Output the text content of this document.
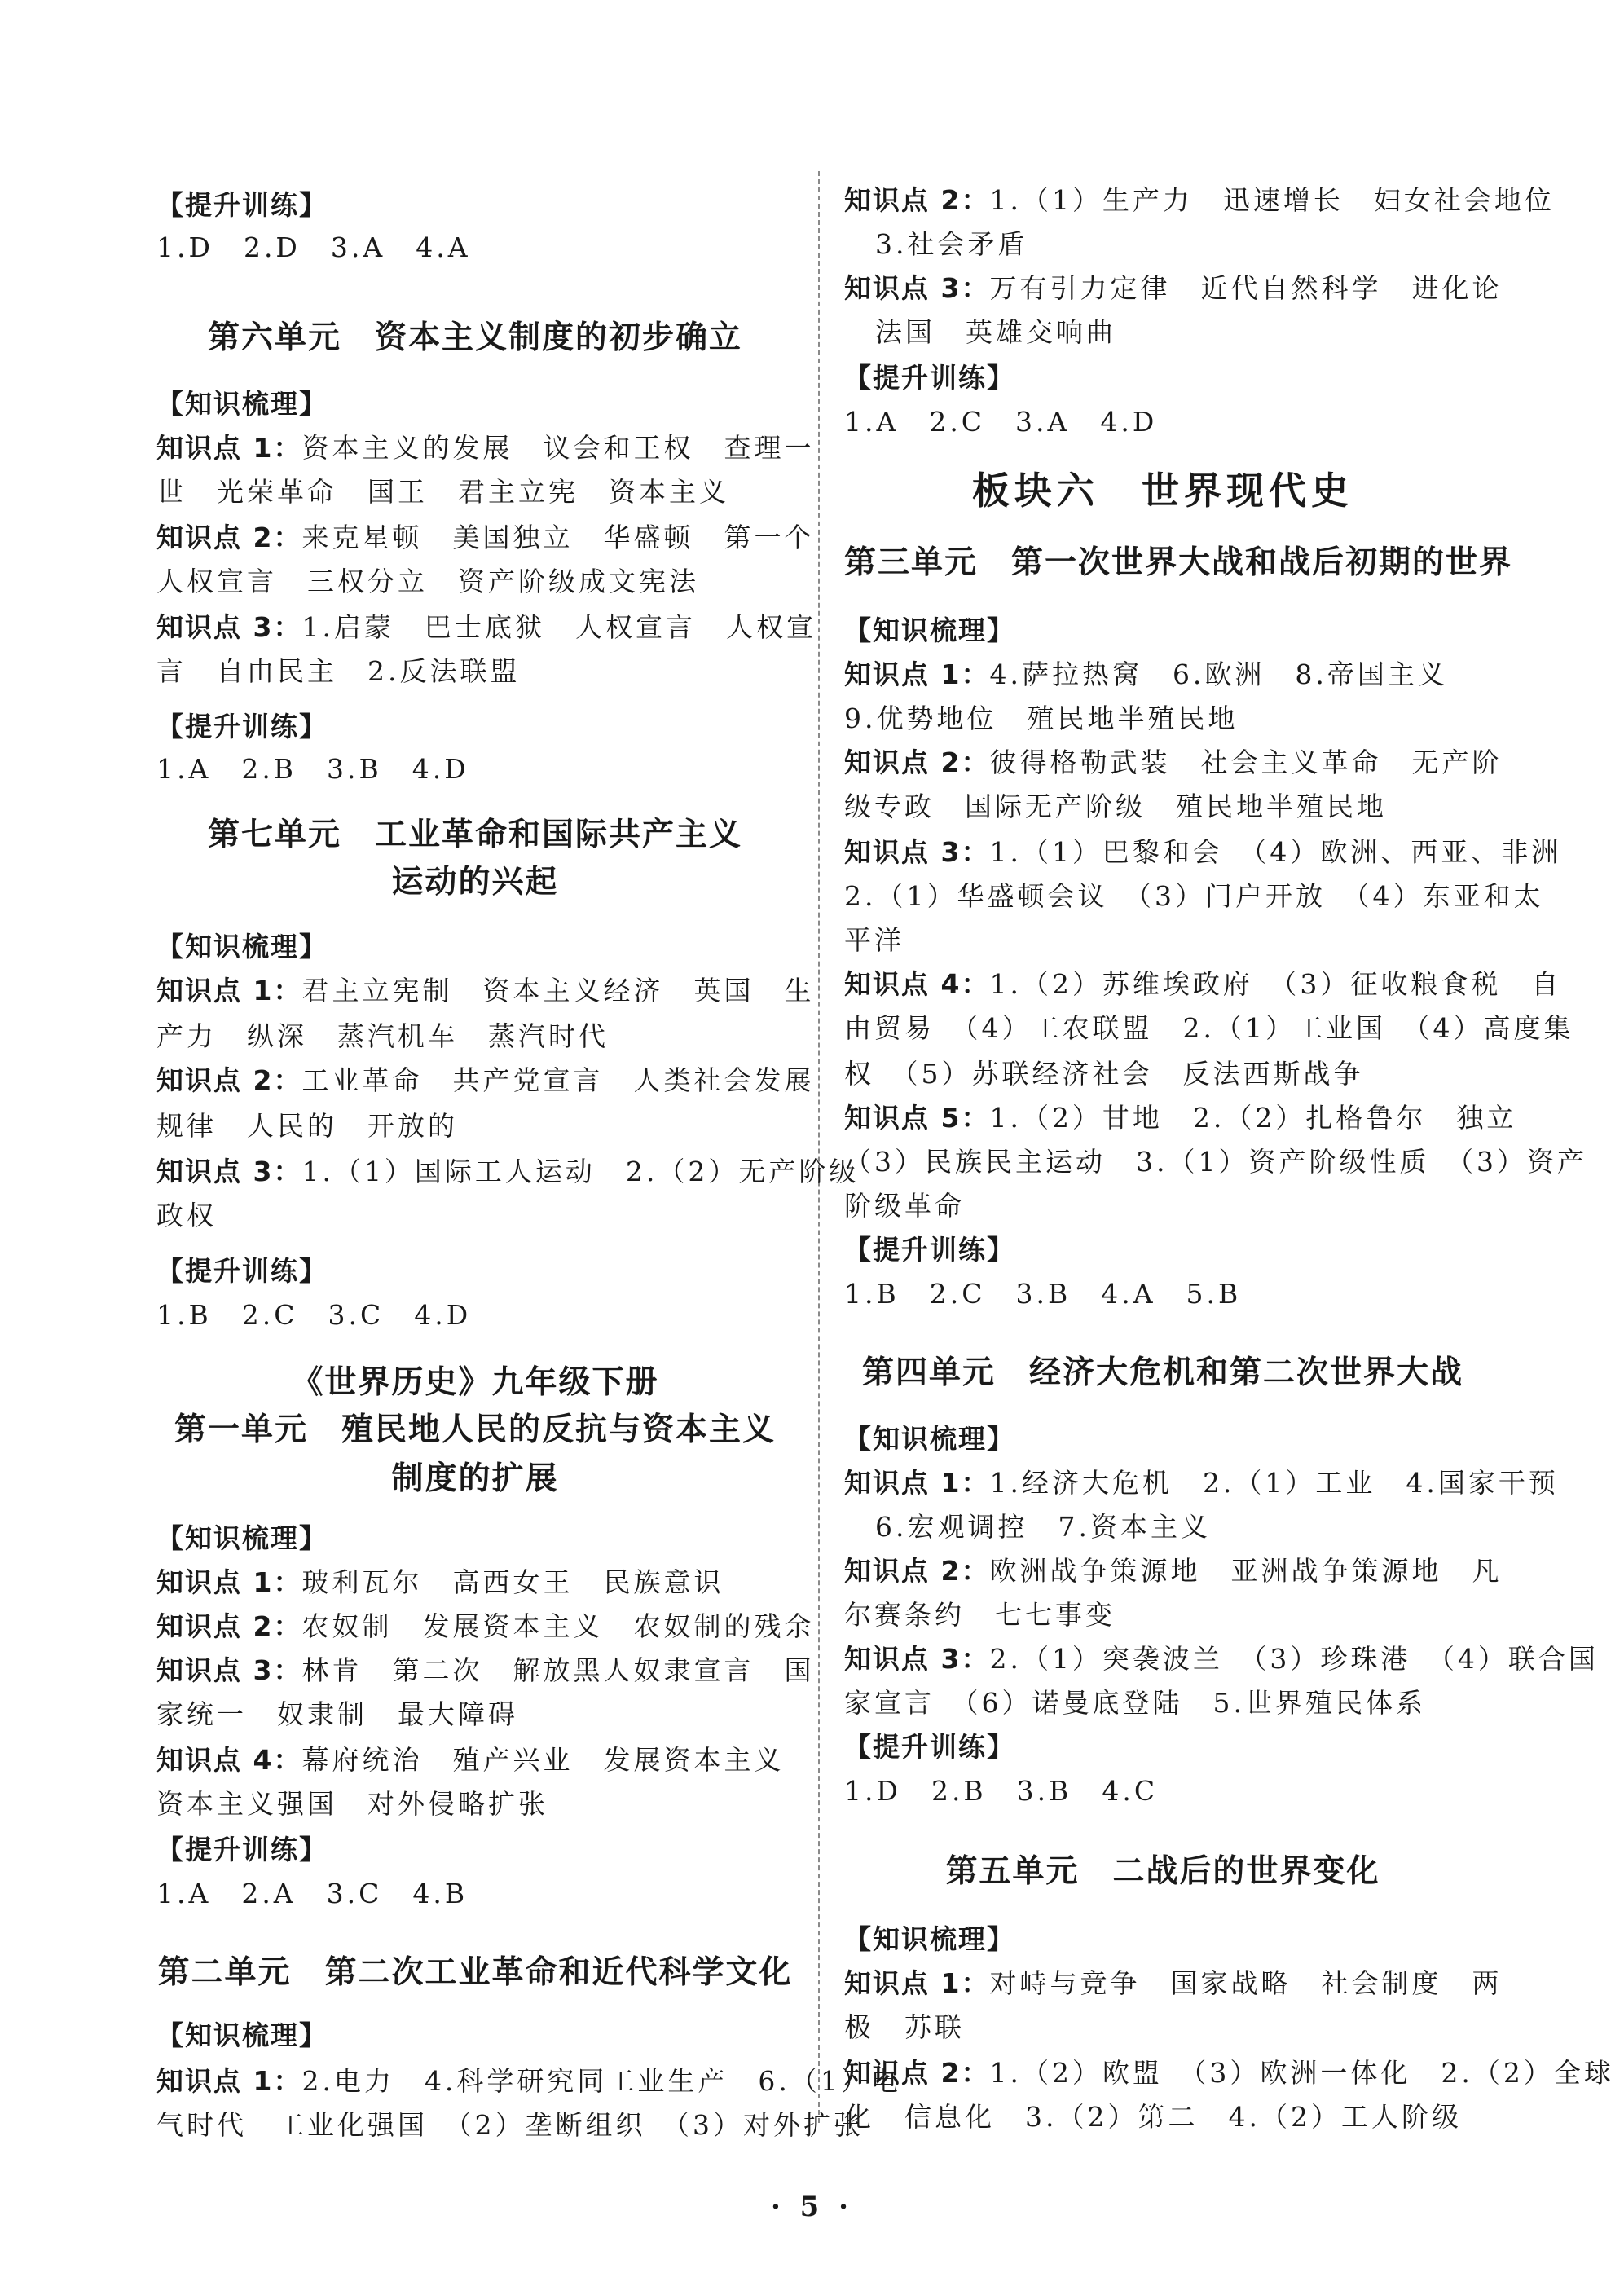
【提升训练】
1.D　2.D　3.A　4.A
第六单元　资本主义制度的初步确立
【知识梳理】
知识点 1：资本主义的发展　议会和王权　查理一
世　光荣革命　国王　君主立宪　资本主义
知识点 2：来克星顿　美国独立　华盛顿　第一个
人权宣言　三权分立　资产阶级成文宪法
知识点 3：1.启蒙　巴士底狱　人权宣言　人权宣
言　自由民主　2.反法联盟
【提升训练】
1.A　2.B　3.B　4.D
第七单元　工业革命和国际共产主义
运动的兴起
【知识梳理】
知识点 1：君主立宪制　资本主义经济　英国　生
产力　纵深　蒸汽机车　蒸汽时代
知识点 2：工业革命　共产党宣言　人类社会发展
规律　人民的　开放的
知识点 3：1.（1）国际工人运动　2.（2）无产阶级
政权
【提升训练】
1.B　2.C　3.C　4.D
《世界历史》九年级下册
第一单元　殖民地人民的反抗与资本主义
制度的扩展
【知识梳理】
知识点 1：玻利瓦尔　高西女王　民族意识
知识点 2：农奴制　发展资本主义　农奴制的残余
知识点 3：林肯　第二次　解放黑人奴隶宣言　国
家统一　奴隶制　最大障碍
知识点 4：幕府统治　殖产兴业　发展资本主义
资本主义强国　对外侵略扩张
【提升训练】
1.A　2.A　3.C　4.B
第二单元　第二次工业革命和近代科学文化
【知识梳理】
知识点 1：2.电力　4.科学研究同工业生产　6.（1）电
气时代　工业化强国　（2）垄断组织　（3）对外扩张
知识点 2：1.（1）生产力　迅速增长　妇女社会地位
3.社会矛盾
知识点 3：万有引力定律　近代自然科学　进化论
法国　英雄交响曲
【提升训练】
1.A　2.C　3.A　4.D
板块六　世界现代史
第三单元　第一次世界大战和战后初期的世界
【知识梳理】
知识点 1：4.萨拉热窝　6.欧洲　8.帝国主义
9.优势地位　殖民地半殖民地
知识点 2：彼得格勒武装　社会主义革命　无产阶
级专政　国际无产阶级　殖民地半殖民地
知识点 3：1.（1）巴黎和会　（4）欧洲、西亚、非洲
2.（1）华盛顿会议　（3）门户开放　（4）东亚和太
平洋
知识点 4：1.（2）苏维埃政府　（3）征收粮食税　自
由贸易　（4）工农联盟　2.（1）工业国　（4）高度集
权　（5）苏联经济社会　反法西斯战争
知识点 5：1.（2）甘地　2.（2）扎格鲁尔　独立
（3）民族民主运动　3.（1）资产阶级性质　（3）资产
阶级革命
【提升训练】
1.B　2.C　3.B　4.A　5.B
第四单元　经济大危机和第二次世界大战
【知识梳理】
知识点 1：1.经济大危机　2.（1）工业　4.国家干预
6.宏观调控　7.资本主义
知识点 2：欧洲战争策源地　亚洲战争策源地　凡
尔赛条约　七七事变
知识点 3：2.（1）突袭波兰　（3）珍珠港　（4）联合国
家宣言　（6）诺曼底登陆　5.世界殖民体系
【提升训练】
1.D　2.B　3.B　4.C
第五单元　二战后的世界变化
【知识梳理】
知识点 1：对峙与竞争　国家战略　社会制度　两
极　苏联
知识点 2：1.（2）欧盟　（3）欧洲一体化　2.（2）全球
化　信息化　3.（2）第二　4.（2）工人阶级
· 5 ·
